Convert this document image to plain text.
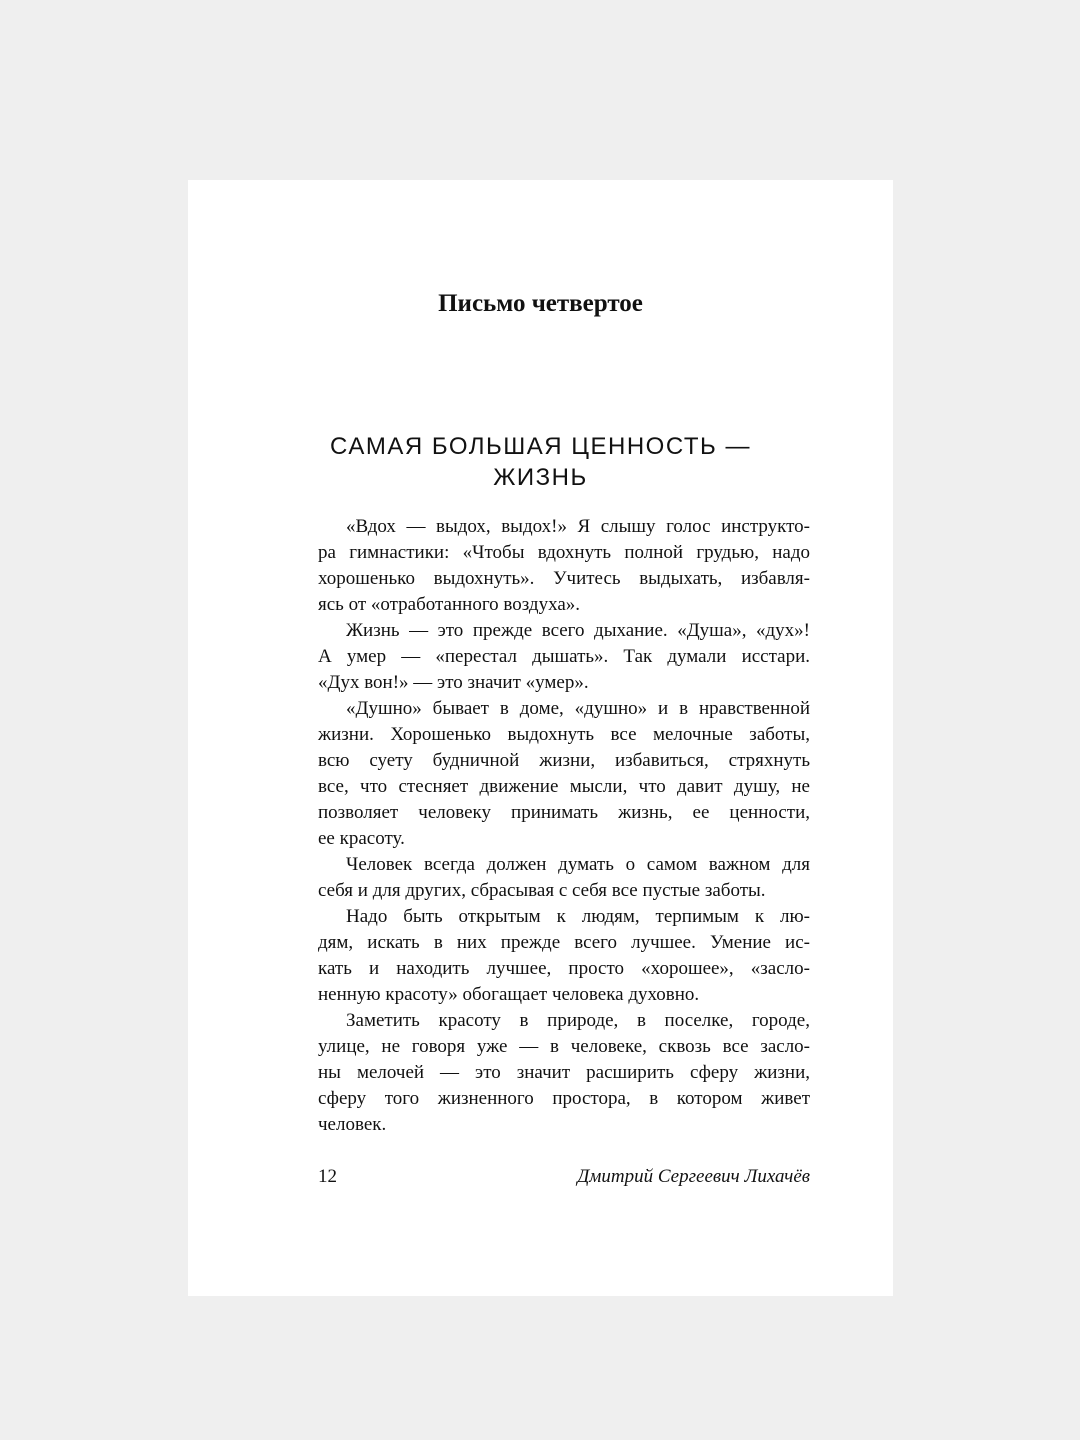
Письмо четвертое
САМАЯ БОЛЬШАЯ ЦЕННОСТЬ —
ЖИЗНЬ

«Вдох — выдох, выдох!» Я слышу голос инструкто-
ра гимнастики: «Чтобы вдохнуть полной грудью, надо
хорошенько выдохнуть». Учитесь выдыхать, избавля-
ясь от «отработанного воздуха».

Жизнь — это прежде всего дыхание. «Душа», «дух»!
А умер — «перестал дышать». Так думали исстари.
«Дух вон!» — это значит «умер».

«Душно» бывает в доме, «душно» и в нравственной
жизни. Хорошенько выдохнуть все мелочные заботы,
всю суету будничной жизни, избавиться, стряхнуть
все, что стесняет движение мысли, что давит душу, не
позволяет человеку принимать жизнь, ее ценности,
ее красоту.

Человек всегда должен думать о самом важном для
себя и для других, сбрасывая с себя все пустые заботы.

Надо быть открытым к людям, терпимым к лю-
дям, искать в них прежде всего лучшее. Умение ис-
кать и находить лучшее, просто «хорошее», «засло-
ненную красоту» обогащает человека духовно.

Заметить красоту в природе, в поселке, городе,
улице, не говоря уже — в человеке, сквозь все засло-
ны мелочей — это значит расширить сферу жизни,
сферу того жизненного простора, в котором живет
человек.

12	Дмитрий Сергеевич Лихачёв
